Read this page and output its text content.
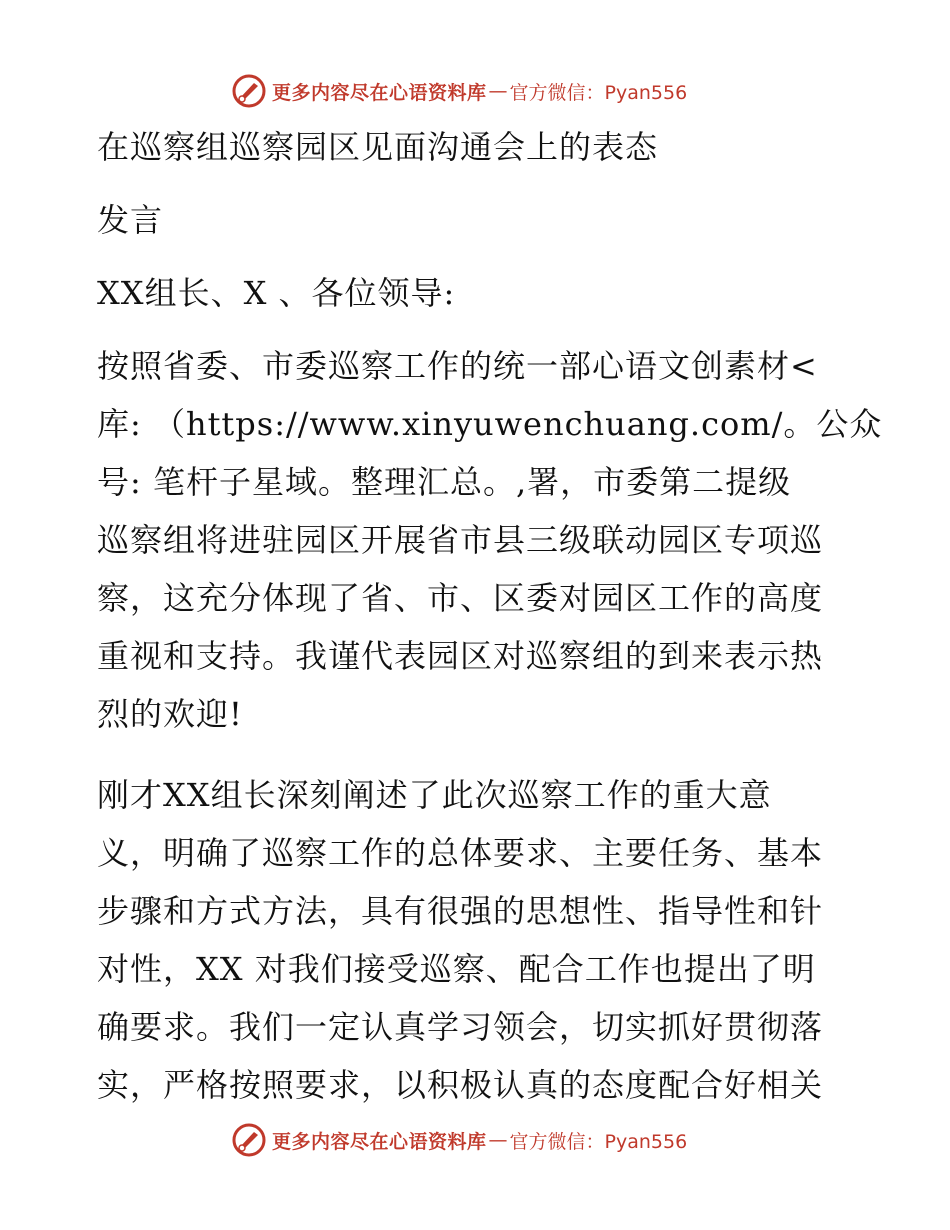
更多内容尽在心语资料库 — 官方微信：Pyan556
在巡察组巡察园区见面沟通会上的表态
发言
XX组长、X 、各位领导:
按照省委、市委巡察工作的统一部心语文创素材<
库: （https://www.xinyuwenchuang.com/。公众
号: 笔杆子星域。整理汇总。,署，市委第二提级
巡察组将进驻园区开展省市县三级联动园区专项巡
察，这充分体现了省、市、区委对园区工作的高度
重视和支持。我谨代表园区对巡察组的到来表示热
烈的欢迎!
刚才XX组长深刻阐述了此次巡察工作的重大意
义，明确了巡察工作的总体要求、主要任务、基本
步骤和方式方法，具有很强的思想性、指导性和针
对性，XX 对我们接受巡察、配合工作也提出了明
确要求。我们一定认真学习领会，切实抓好贯彻落
实，严格按照要求，以积极认真的态度配合好相关
更多内容尽在心语资料库 — 官方微信：Pyan556
